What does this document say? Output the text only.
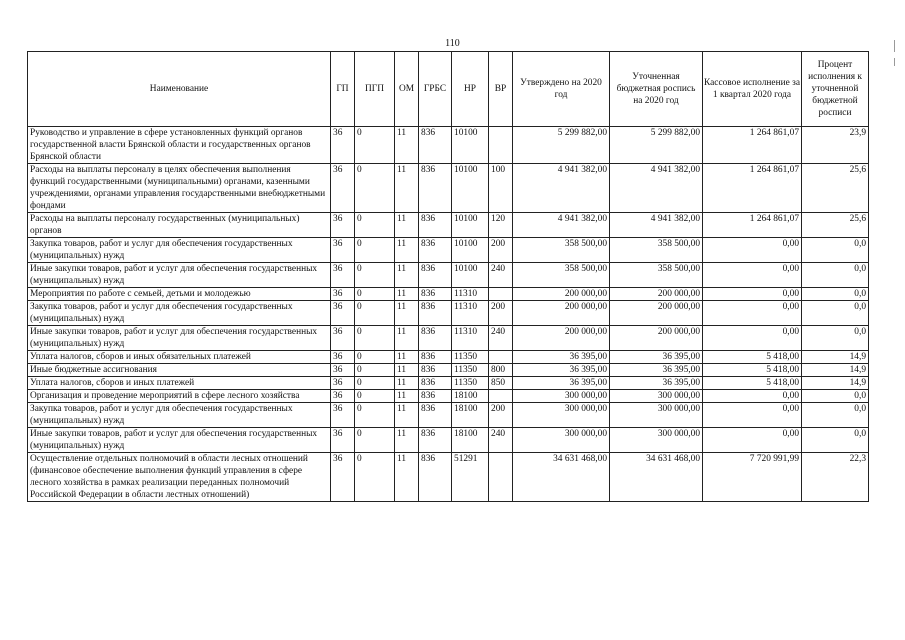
110
Наименование	ГП	ПГП	ОМ	ГРБС	НР	ВР	Утверждено на 2020 год	Уточненная бюджетная роспись на 2020 год	Кассовое исполнение за 1 квартал 2020 года	Процент исполнения к уточненной бюджетной росписи
Руководство и управление в сфере установленных функций органов государственной власти Брянской области и государственных органов Брянской области	36	0	11	836	10100		5 299 882,00	5 299 882,00	1 264 861,07	23,9
Расходы на выплаты персоналу в целях обеспечения выполнения функций государственными (муниципальными) органами, казенными учреждениями, органами управления государственными внебюджетными фондами	36	0	11	836	10100	100	4 941 382,00	4 941 382,00	1 264 861,07	25,6
Расходы на выплаты персоналу государственных (муниципальных) органов	36	0	11	836	10100	120	4 941 382,00	4 941 382,00	1 264 861,07	25,6
Закупка товаров, работ и услуг для обеспечения государственных (муниципальных) нужд	36	0	11	836	10100	200	358 500,00	358 500,00	0,00	0,0
Иные закупки товаров, работ и услуг для обеспечения государственных (муниципальных) нужд	36	0	11	836	10100	240	358 500,00	358 500,00	0,00	0,0
Мероприятия по работе с семьей, детьми и молодежью	36	0	11	836	11310		200 000,00	200 000,00	0,00	0,0
Закупка товаров, работ и услуг для обеспечения государственных (муниципальных) нужд	36	0	11	836	11310	200	200 000,00	200 000,00	0,00	0,0
Иные закупки товаров, работ и услуг для обеспечения государственных (муниципальных) нужд	36	0	11	836	11310	240	200 000,00	200 000,00	0,00	0,0
Уплата налогов, сборов и иных обязательных платежей	36	0	11	836	11350		36 395,00	36 395,00	5 418,00	14,9
Иные бюджетные ассигнования	36	0	11	836	11350	800	36 395,00	36 395,00	5 418,00	14,9
Уплата налогов, сборов и иных платежей	36	0	11	836	11350	850	36 395,00	36 395,00	5 418,00	14,9
Организация и проведение мероприятий в сфере лесного хозяйства	36	0	11	836	18100		300 000,00	300 000,00	0,00	0,0
Закупка товаров, работ и услуг для обеспечения государственных (муниципальных) нужд	36	0	11	836	18100	200	300 000,00	300 000,00	0,00	0,0
Иные закупки товаров, работ и услуг для обеспечения государственных (муниципальных) нужд	36	0	11	836	18100	240	300 000,00	300 000,00	0,00	0,0
Осуществление отдельных полномочий в области лесных отношений (финансовое обеспечение выполнения функций управления в сфере лесного хозяйства в рамках реализации переданных полномочий Российской Федерации в области лестных отношений)	36	0	11	836	51291		34 631 468,00	34 631 468,00	7 720 991,99	22,3
